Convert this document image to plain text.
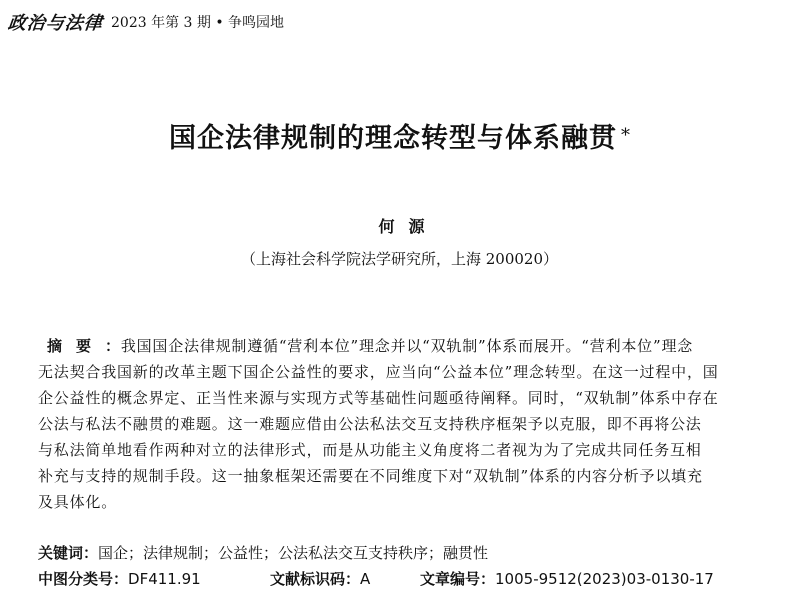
政治与法律 2023 年第 3 期 • 争鸣园地
国企法律规制的理念转型与体系融贯 *
何源
（上海社会科学院法学研究所，上海 200020）
摘要：我国国企法律规制遵循“营利本位”理念并以“双轨制”体系而展开。“营利本位”理念
无法契合我国新的改革主题下国企公益性的要求，应当向“公益本位”理念转型。在这一过程中，国
企公益性的概念界定、正当性来源与实现方式等基础性问题亟待阐释。同时，“双轨制”体系中存在
公法与私法不融贯的难题。这一难题应借由公法私法交互支持秩序框架予以克服，即不再将公法
与私法简单地看作两种对立的法律形式，而是从功能主义角度将二者视为为了完成共同任务互相
补充与支持的规制手段。这一抽象框架还需要在不同维度下对“双轨制”体系的内容分析予以填充
及具体化。
关键词：国企；法律规制；公益性；公法私法交互支持秩序；融贯性
中图分类号：DF411.91	文献标识码：A	文章编号：1005-9512(2023)03-0130-17
